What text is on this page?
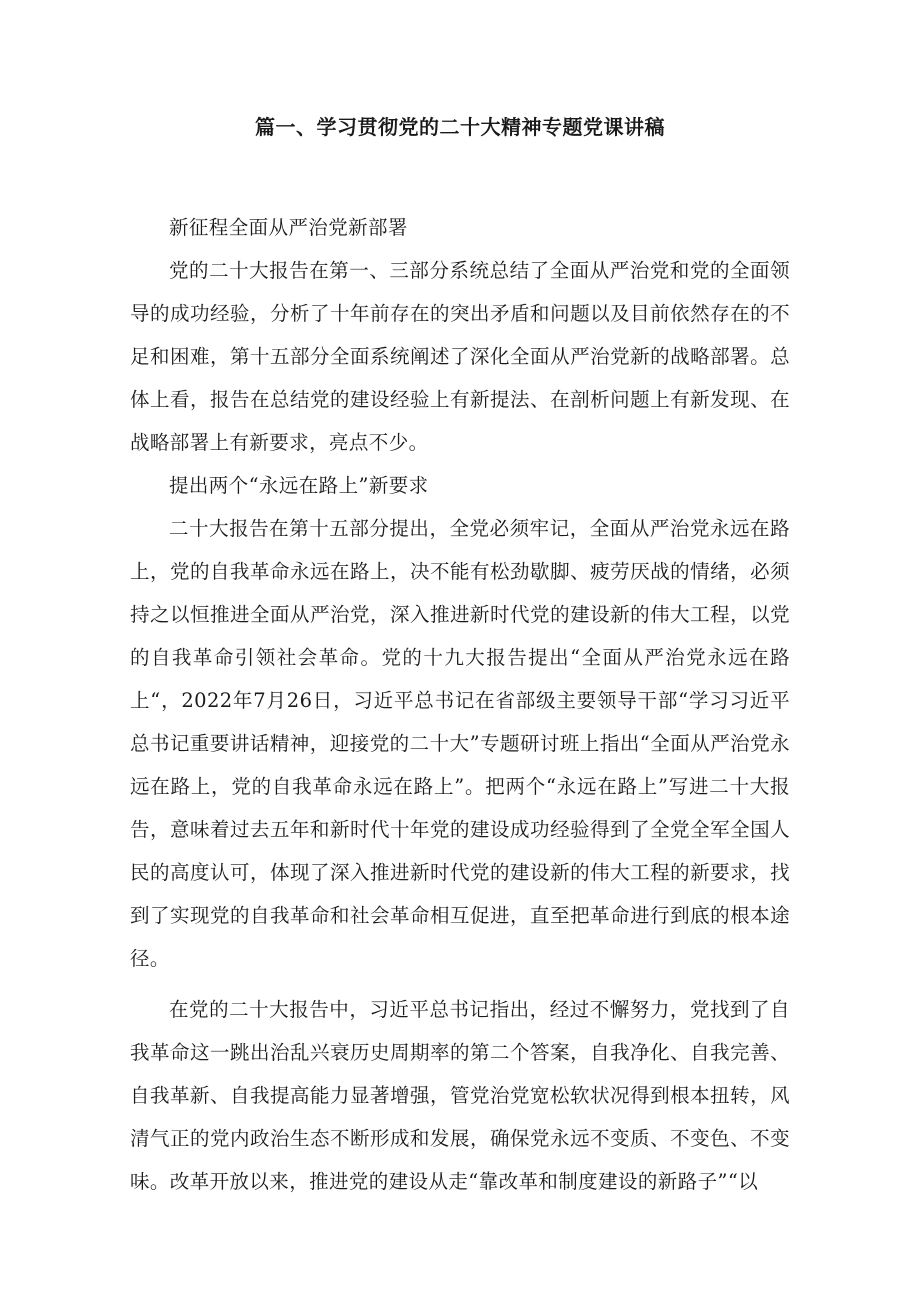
篇一、学习贯彻党的二十大精神专题党课讲稿

新征程全面从严治党新部署

党的二十大报告在第一、三部分系统总结了全面从严治党和党的全面领导的成功经验，分析了十年前存在的突出矛盾和问题以及目前依然存在的不足和困难，第十五部分全面系统阐述了深化全面从严治党新的战略部署。总体上看，报告在总结党的建设经验上有新提法、在剖析问题上有新发现、在战略部署上有新要求，亮点不少。

提出两个“永远在路上”新要求

二十大报告在第十五部分提出，全党必须牢记，全面从严治党永远在路上，党的自我革命永远在路上，决不能有松劲歇脚、疲劳厌战的情绪，必须持之以恒推进全面从严治党，深入推进新时代党的建设新的伟大工程，以党的自我革命引领社会革命。党的十九大报告提出“全面从严治党永远在路上“，2022年7月26日，习近平总书记在省部级主要领导干部“学习习近平总书记重要讲话精神，迎接党的二十大”专题研讨班上指出“全面从严治党永远在路上，党的自我革命永远在路上”。把两个“永远在路上”写进二十大报告，意味着过去五年和新时代十年党的建设成功经验得到了全党全军全国人民的高度认可，体现了深入推进新时代党的建设新的伟大工程的新要求，找到了实现党的自我革命和社会革命相互促进，直至把革命进行到底的根本途径。

在党的二十大报告中，习近平总书记指出，经过不懈努力，党找到了自我革命这一跳出治乱兴衰历史周期率的第二个答案，自我净化、自我完善、自我革新、自我提高能力显著增强，管党治党宽松软状况得到根本扭转，风清气正的党内政治生态不断形成和发展，确保党永远不变质、不变色、不变味。改革开放以来，推进党的建设从走“靠改革和制度建设的新路子”“以
